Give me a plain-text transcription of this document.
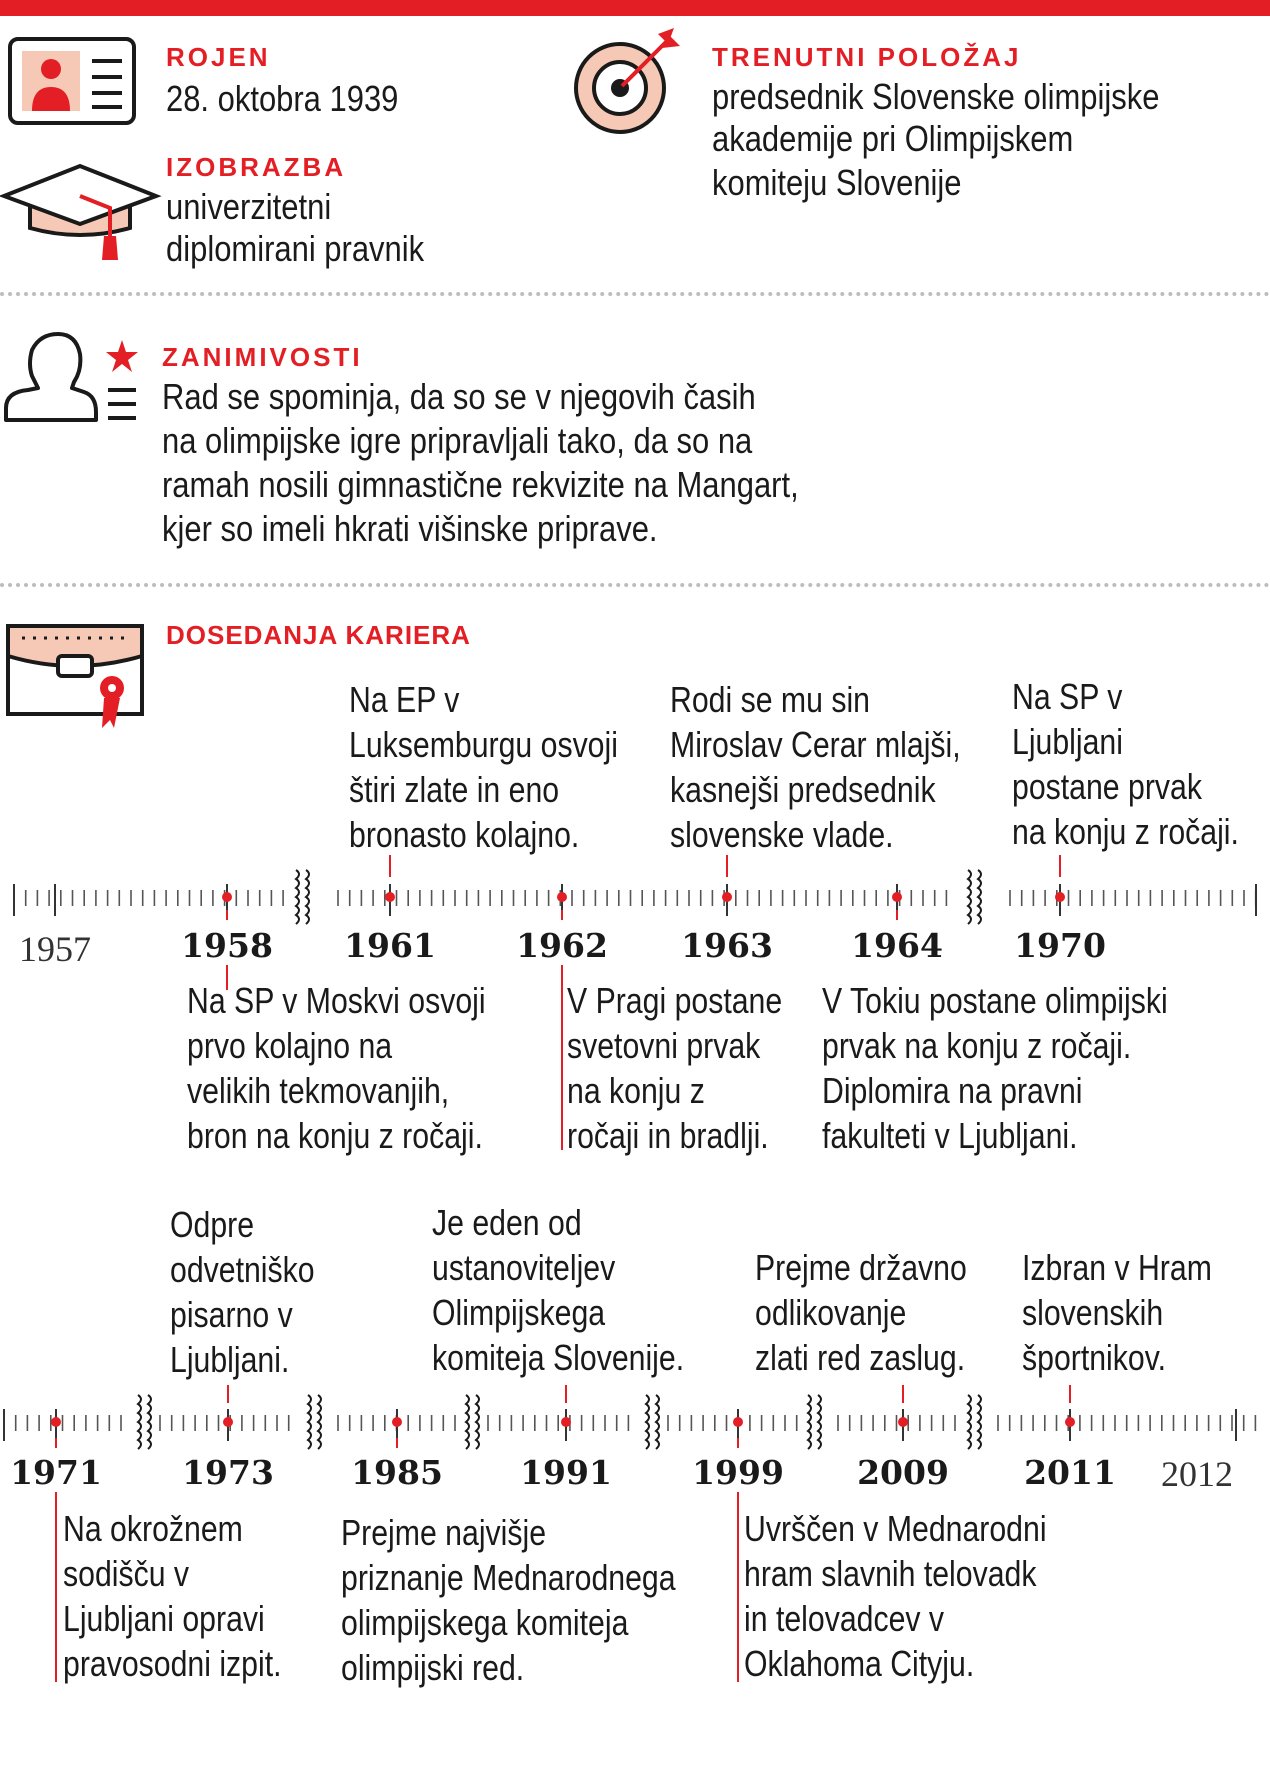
ROJEN
28. oktobra 1939
IZOBRAZBA
univerzitetni
diplomirani pravnik
TRENUTNI POLOŽAJ
predsednik Slovenske olimpijske
akademije pri Olimpijskem
komiteju Slovenije
ZANIMIVOSTI
Rad se spominja, da so se v njegovih časih
na olimpijske igre pripravljali tako, da so na
ramah nosili gimnastične rekvizite na Mangart,
kjer so imeli hkrati višinske priprave.
DOSEDANJA KARIERA
1957	1958	1961	1962	1963	1964	1970
Na EP v
Luksemburgu osvoji
štiri zlate in eno
bronasto kolajno.
Rodi se mu sin
Miroslav Cerar mlajši,
kasnejši predsednik
slovenske vlade.
Na SP v
Ljubljani
postane prvak
na konju z ročaji.
Na SP v Moskvi osvoji
prvo kolajno na
velikih tekmovanjih,
bron na konju z ročaji.
V Pragi postane
svetovni prvak
na konju z
ročaji in bradlji.
V Tokiu postane olimpijski
prvak na konju z ročaji.
Diplomira na pravni
fakulteti v Ljubljani.
1971	1973	1985	1991	1999	2009	2011	2012
Odpre
odvetniško
pisarno v
Ljubljani.
Je eden od
ustanoviteljev
Olimpijskega
komiteja Slovenije.
Prejme državno
odlikovanje
zlati red zaslug.
Izbran v Hram
slovenskih
športnikov.
Na okrožnem
sodišču v
Ljubljani opravi
pravosodni izpit.
Prejme najvišje
priznanje Mednarodnega
olimpijskega komiteja
olimpijski red.
Uvrščen v Mednarodni
hram slavnih telovadk
in telovadcev v
Oklahoma Cityju.
